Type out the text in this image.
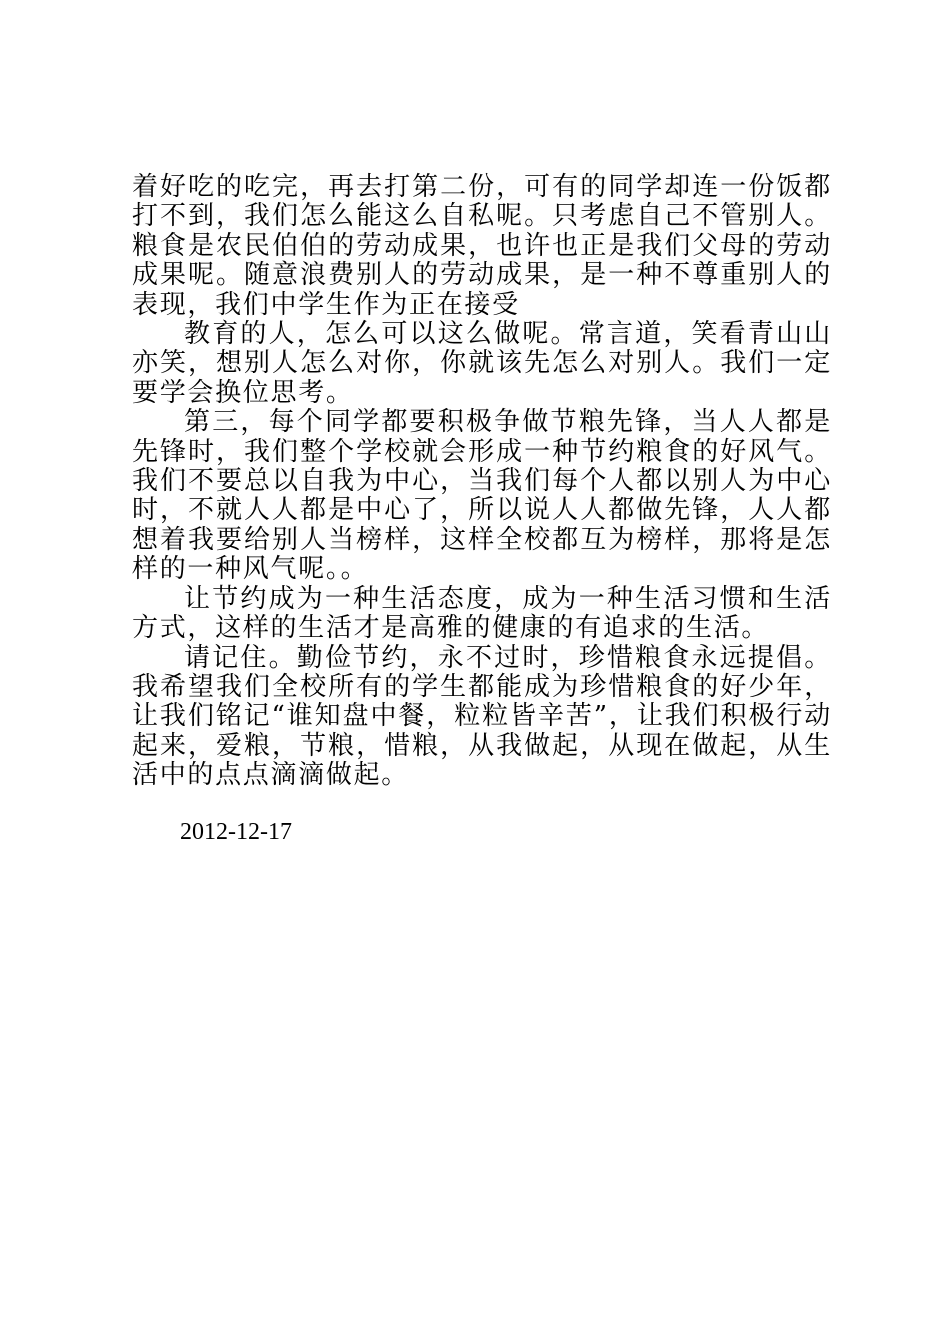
着好吃的吃完，再去打第二份，可有的同学却连一份饭都打不到，我们怎么能这么自私呢。只考虑自己不管别人。粮食是农民伯伯的劳动成果，也许也正是我们父母的劳动成果呢。随意浪费别人的劳动成果，是一种不尊重别人的表现，我们中学生作为正在接受

教育的人，怎么可以这么做呢。常言道，笑看青山山亦笑，想别人怎么对你，你就该先怎么对别人。我们一定要学会换位思考。

第三，每个同学都要积极争做节粮先锋，当人人都是先锋时，我们整个学校就会形成一种节约粮食的好风气。我们不要总以自我为中心，当我们每个人都以别人为中心时，不就人人都是中心了，所以说人人都做先锋，人人都想着我要给别人当榜样，这样全校都互为榜样，那将是怎样的一种风气呢。。

让节约成为一种生活态度，成为一种生活习惯和生活方式，这样的生活才是高雅的健康的有追求的生活。

请记住。勤俭节约，永不过时，珍惜粮食永远提倡。我希望我们全校所有的学生都能成为珍惜粮食的好少年，让我们铭记“谁知盘中餐，粒粒皆辛苦”，让我们积极行动起来，爱粮，节粮，惜粮，从我做起，从现在做起，从生活中的点点滴滴做起。

2012-12-17
